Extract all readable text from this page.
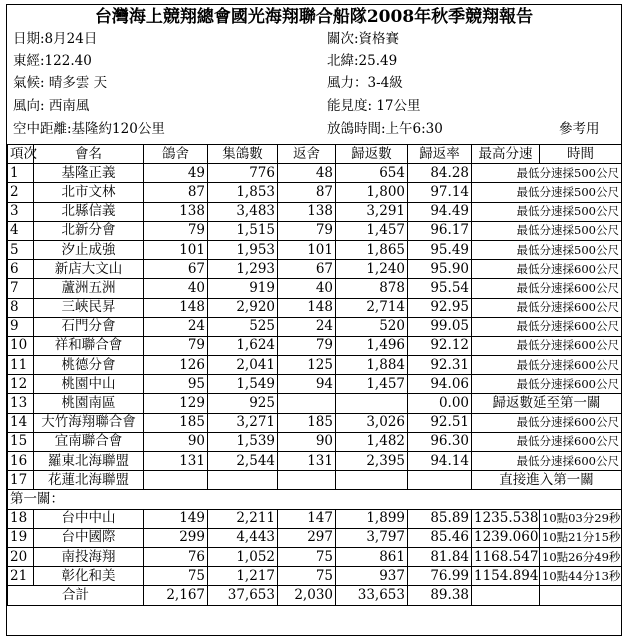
台灣海上競翔總會國光海翔聯合船隊2008年秋季競翔報告
日期:8月24日
東經:122.40
氣候: 晴多雲 天
風向: 西南風
空中距離:基隆約120公里
關次:資格賽
北緯:25.49
風力：3-4級
能見度: 17公里
放鴿時間:上午6:30	參考用
項次	會名	鴿舍	集鴿數	返舍	歸返數	歸返率	最高分速	時間
1	基隆正義	49	776	48	654	84.28	最低分速採500公尺	
2	北市文林	87	1,853	87	1,800	97.14	最低分速採500公尺	
3	北縣信義	138	3,483	138	3,291	94.49	最低分速採500公尺	
4	北新分會	79	1,515	79	1,457	96.17	最低分速採500公尺	
5	汐止成強	101	1,953	101	1,865	95.49	最低分速採500公尺	
6	新店大文山	67	1,293	67	1,240	95.90	最低分速採600公尺	
7	蘆洲五洲	40	919	40	878	95.54	最低分速採600公尺	
8	三峽民昇	148	2,920	148	2,714	92.95	最低分速採600公尺	
9	石門分會	24	525	24	520	99.05	最低分速採600公尺	
10	祥和聯合會	79	1,624	79	1,496	92.12	最低分速採600公尺	
11	桃德分會	126	2,041	125	1,884	92.31	最低分速採600公尺	
12	桃園中山	95	1,549	94	1,457	94.06	最低分速採600公尺	
13	桃園南區	129	925			0.00	歸返數延至第一關	
14	大竹海翔聯合會	185	3,271	185	3,026	92.51	最低分速採600公尺	
15	宜南聯合會	90	1,539	90	1,482	96.30	最低分速採600公尺	
16	羅東北海聯盟	131	2,544	131	2,395	94.14	最低分速採600公尺	
17	花蓮北海聯盟						直接進入第一關	
第一關：								
18	台中中山	149	2,211	147	1,899	85.89	1235.538	10點03分29秒
19	台中國際	299	4,443	297	3,797	85.46	1239.060	10點21分15秒
20	南投海翔	76	1,052	75	861	81.84	1168.547	10點26分49秒
21	彰化和美	75	1,217	75	937	76.99	1154.894	10點44分13秒
合計		2,167	37,653	2,030	33,653	89.38		
